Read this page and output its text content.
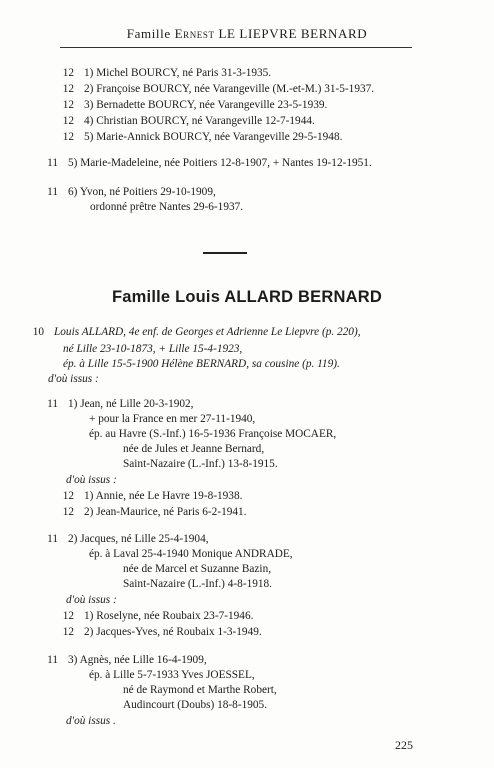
Famille Ernest LE LIEPVRE BERNARD
12 1) Michel BOURCY, né Paris 31-3-1935.
12 2) Françoise BOURCY, née Varangeville (M.-et-M.) 31-5-1937.
12 3) Bernadette BOURCY, née Varangeville 23-5-1939.
12 4) Christian BOURCY, né Varangeville 12-7-1944.
12 5) Marie-Annick BOURCY, née Varangeville 29-5-1948.
11 5) Marie-Madeleine, née Poitiers 12-8-1907, + Nantes 19-12-1951.
11 6) Yvon, né Poitiers 29-10-1909,
ordonné prêtre Nantes 29-6-1937.
Famille Louis ALLARD BERNARD
10 Louis ALLARD, 4e enf. de Georges et Adrienne Le Liepvre (p. 220),
né Lille 23-10-1873, + Lille 15-4-1923,
ép. à Lille 15-5-1900 Hélène BERNARD, sa cousine (p. 119).
d'où issus :
11 1) Jean, né Lille 20-3-1902,
+ pour la France en mer 27-11-1940,
ép. au Havre (S.-Inf.) 16-5-1936 Françoise MOCAER,
née de Jules et Jeanne Bernard,
Saint-Nazaire (L.-Inf.) 13-8-1915.
d'où issus :
12 1) Annie, née Le Havre 19-8-1938.
12 2) Jean-Maurice, né Paris 6-2-1941.
11 2) Jacques, né Lille 25-4-1904,
ép. à Laval 25-4-1940 Monique ANDRADE,
née de Marcel et Suzanne Bazin,
Saint-Nazaire (L.-Inf.) 4-8-1918.
d'où issus :
12 1) Roselyne, née Roubaix 23-7-1946.
12 2) Jacques-Yves, né Roubaix 1-3-1949.
11 3) Agnès, née Lille 16-4-1909,
ép. à Lille 5-7-1933 Yves JOESSEL,
né de Raymond et Marthe Robert,
Audincourt (Doubs) 18-8-1905.
d'où issus .
225
